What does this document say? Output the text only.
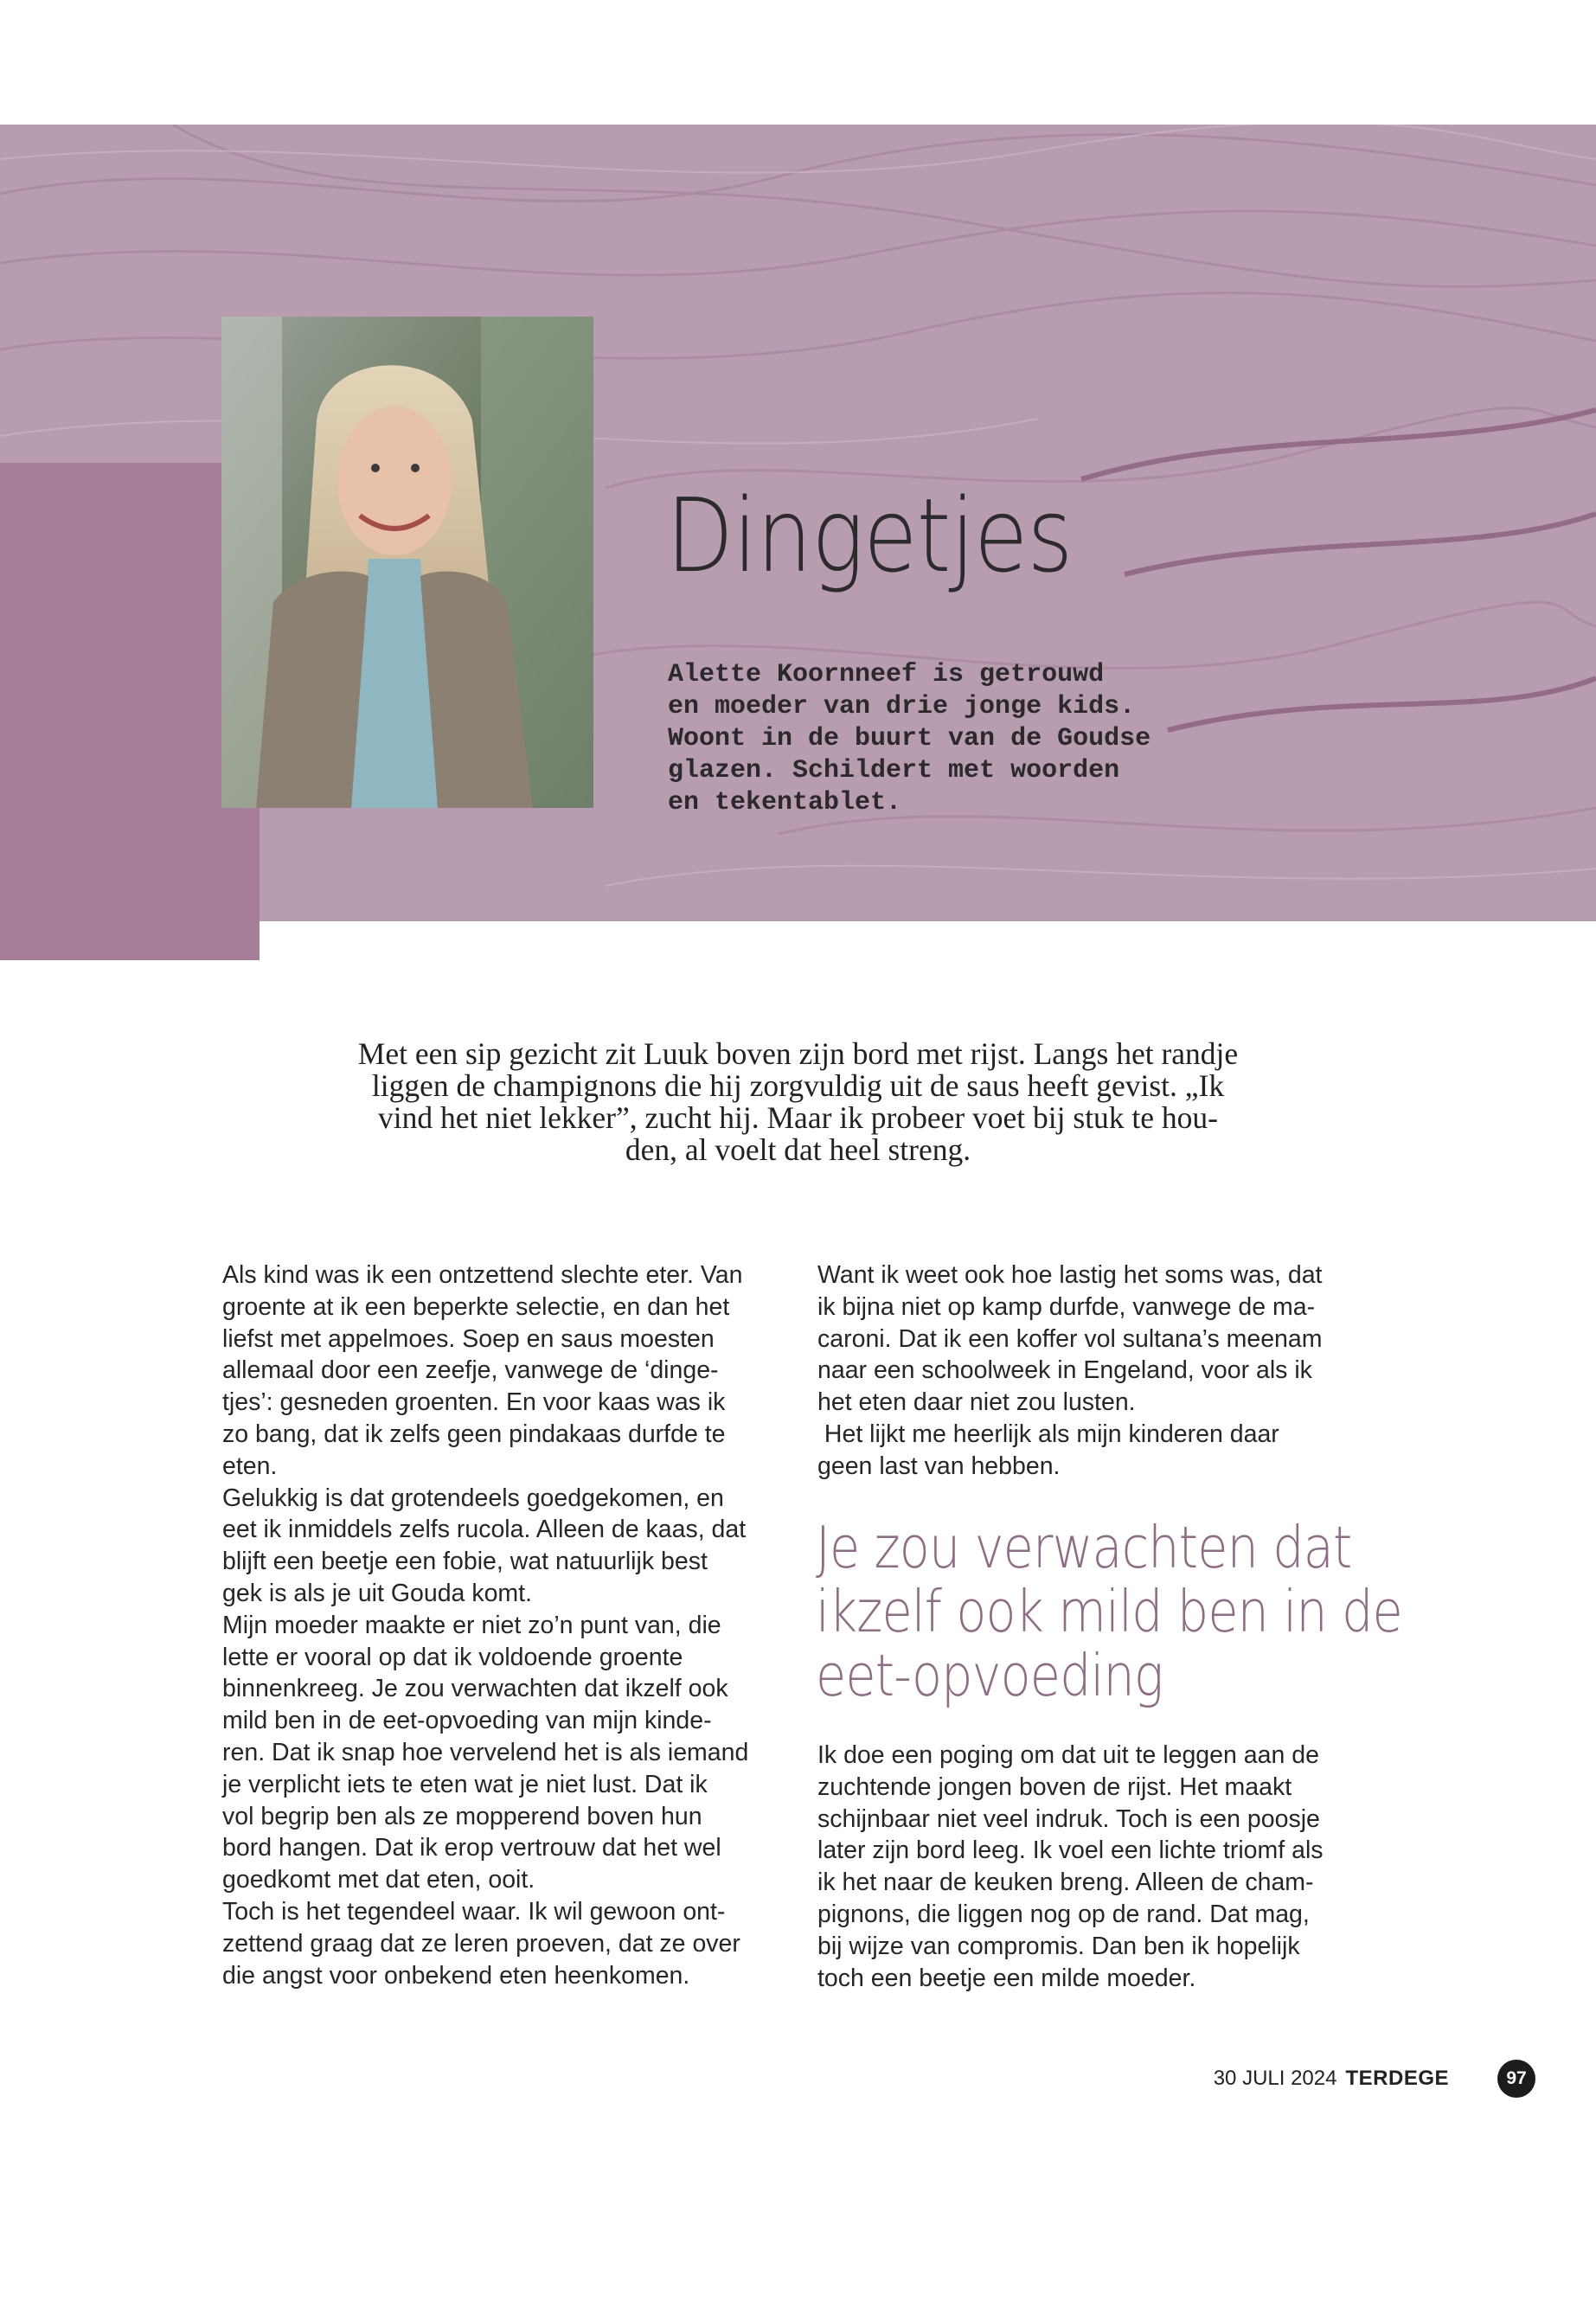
Dingetjes

Alette Koornneef is getrouwd
en moeder van drie jonge kids.
Woont in de buurt van de Goudse
glazen. Schildert met woorden
en tekentablet.

Met een sip gezicht zit Luuk boven zijn bord met rijst. Langs het randje
liggen de champignons die hij zorgvuldig uit de saus heeft gevist. „Ik
vind het niet lekker”, zucht hij. Maar ik probeer voet bij stuk te hou-
den, al voelt dat heel streng.

Als kind was ik een ontzettend slechte eter. Van
groente at ik een beperkte selectie, en dan het
liefst met appelmoes. Soep en saus moesten
allemaal door een zeefje, vanwege de ‘dinge-
tjes’: gesneden groenten. En voor kaas was ik
zo bang, dat ik zelfs geen pindakaas durfde te
eten.
Gelukkig is dat grotendeels goedgekomen, en
eet ik inmiddels zelfs rucola. Alleen de kaas, dat
blijft een beetje een fobie, wat natuurlijk best
gek is als je uit Gouda komt.
Mijn moeder maakte er niet zo’n punt van, die
lette er vooral op dat ik voldoende groente
binnenkreeg. Je zou verwachten dat ikzelf ook
mild ben in de eet-opvoeding van mijn kinde-
ren. Dat ik snap hoe vervelend het is als iemand
je verplicht iets te eten wat je niet lust. Dat ik
vol begrip ben als ze mopperend boven hun
bord hangen. Dat ik erop vertrouw dat het wel
goedkomt met dat eten, ooit.
Toch is het tegendeel waar. Ik wil gewoon ont-
zettend graag dat ze leren proeven, dat ze over
die angst voor onbekend eten heenkomen.
Want ik weet ook hoe lastig het soms was, dat
ik bijna niet op kamp durfde, vanwege de ma-
caroni. Dat ik een koffer vol sultana’s meenam
naar een schoolweek in Engeland, voor als ik
het eten daar niet zou lusten.
Het lijkt me heerlijk als mijn kinderen daar
geen last van hebben.
Je zou verwachten dat
ikzelf ook mild ben in de
eet-opvoeding
Ik doe een poging om dat uit te leggen aan de
zuchtende jongen boven de rijst. Het maakt
schijnbaar niet veel indruk. Toch is een poosje
later zijn bord leeg. Ik voel een lichte triomf als
ik het naar de keuken breng. Alleen de cham-
pignons, die liggen nog op de rand. Dat mag,
bij wijze van compromis. Dan ben ik hopelijk
toch een beetje een milde moeder.
30 JULI 2024 TERDEGE	97
